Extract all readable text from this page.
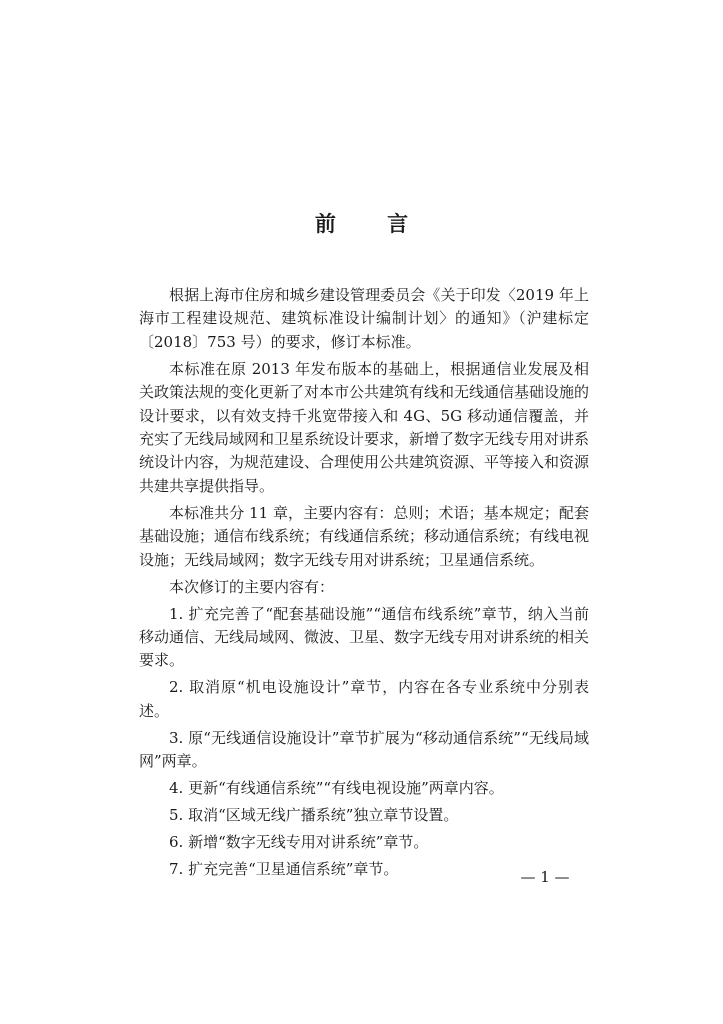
前 言

根据上海市住房和城乡建设管理委员会《关于印发〈2019 年上海市工程建设规范、建筑标准设计编制计划〉的通知》（沪建标定〔2018〕753 号）的要求，修订本标准。

本标准在原 2013 年发布版本的基础上，根据通信业发展及相关政策法规的变化更新了对本市公共建筑有线和无线通信基础设施的设计要求，以有效支持千兆宽带接入和 4G、5G 移动通信覆盖，并充实了无线局域网和卫星系统设计要求，新增了数字无线专用对讲系统设计内容，为规范建设、合理使用公共建筑资源、平等接入和资源共建共享提供指导。

本标准共分 11 章，主要内容有：总则；术语；基本规定；配套基础设施；通信布线系统；有线通信系统；移动通信系统；有线电视设施；无线局域网；数字无线专用对讲系统；卫星通信系统。

本次修订的主要内容有：

1. 扩充完善了“配套基础设施”“通信布线系统”章节，纳入当前移动通信、无线局域网、微波、卫星、数字无线专用对讲系统的相关要求。

2. 取消原“机电设施设计”章节，内容在各专业系统中分别表述。

3. 原“无线通信设施设计”章节扩展为“移动通信系统”“无线局域网”两章。

4. 更新“有线通信系统”“有线电视设施”两章内容。

5. 取消“区域无线广播系统”独立章节设置。

6. 新增“数字无线专用对讲系统”章节。

7. 扩充完善“卫星通信系统”章节。	— 1 —
